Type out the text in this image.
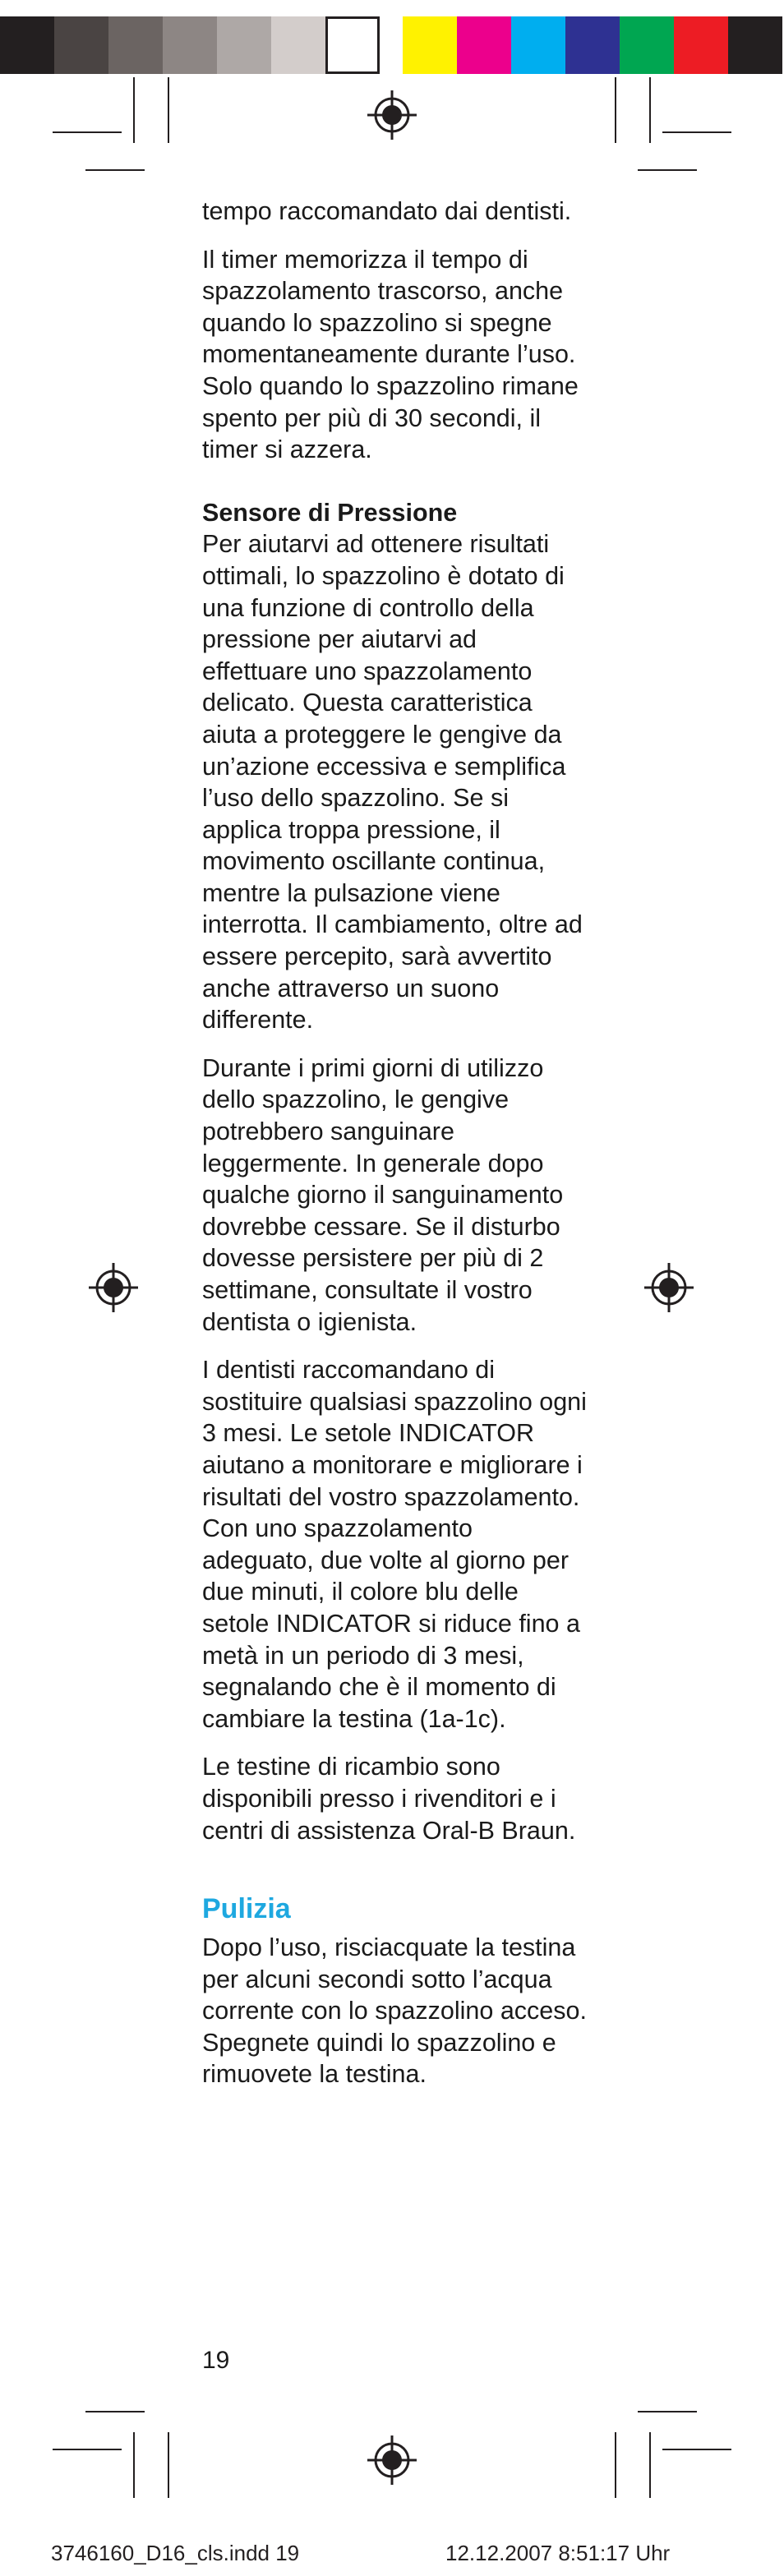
tempo raccomandato dai dentisti.

Il timer memorizza il tempo di spazzolamento trascorso, anche quando lo spazzolino si spegne momentaneamente durante l’uso. Solo quando lo spazzolino rimane spento per più di 30 secondi, il timer si azzera.

Sensore di Pressione
Per aiutarvi ad ottenere risultati ottimali, lo spazzolino è dotato di una funzione di controllo della pressione per aiutarvi ad effettuare uno spazzolamento delicato. Questa caratteristica aiuta a proteggere le gengive da un’azione eccessiva e semplifica l’uso dello spazzolino. Se si applica troppa pressione, il movimento oscillante continua, mentre la pulsazione viene interrotta. Il cambiamento, oltre ad essere percepito, sarà avvertito anche attraverso un suono differente.

Durante i primi giorni di utilizzo dello spazzolino, le gengive potrebbero sanguinare leggermente. In generale dopo qualche giorno il sanguinamento dovrebbe cessare. Se il disturbo dovesse persistere per più di 2 settimane, consultate il vostro dentista o igienista.

I dentisti raccomandano di sostituire qualsiasi spazzolino ogni 3 mesi. Le setole INDICATOR aiutano a monitorare e migliorare i risultati del vostro spazzolamento. Con uno spazzolamento adeguato, due volte al giorno per due minuti, il colore blu delle setole INDICATOR si riduce fino a metà in un periodo di 3 mesi, segnalando che è il momento di cambiare la testina (1a-1c).

Le testine di ricambio sono disponibili presso i rivenditori e i centri di assistenza Oral-B Braun.

Pulizia

Dopo l’uso, risciacquate la testina per alcuni secondi sotto l’acqua corrente con lo spazzolino acceso. Spegnete quindi lo spazzolino e rimuovete la testina.

19
3746160_D16_cls.indd 19	12.12.2007 8:51:17 Uhr
